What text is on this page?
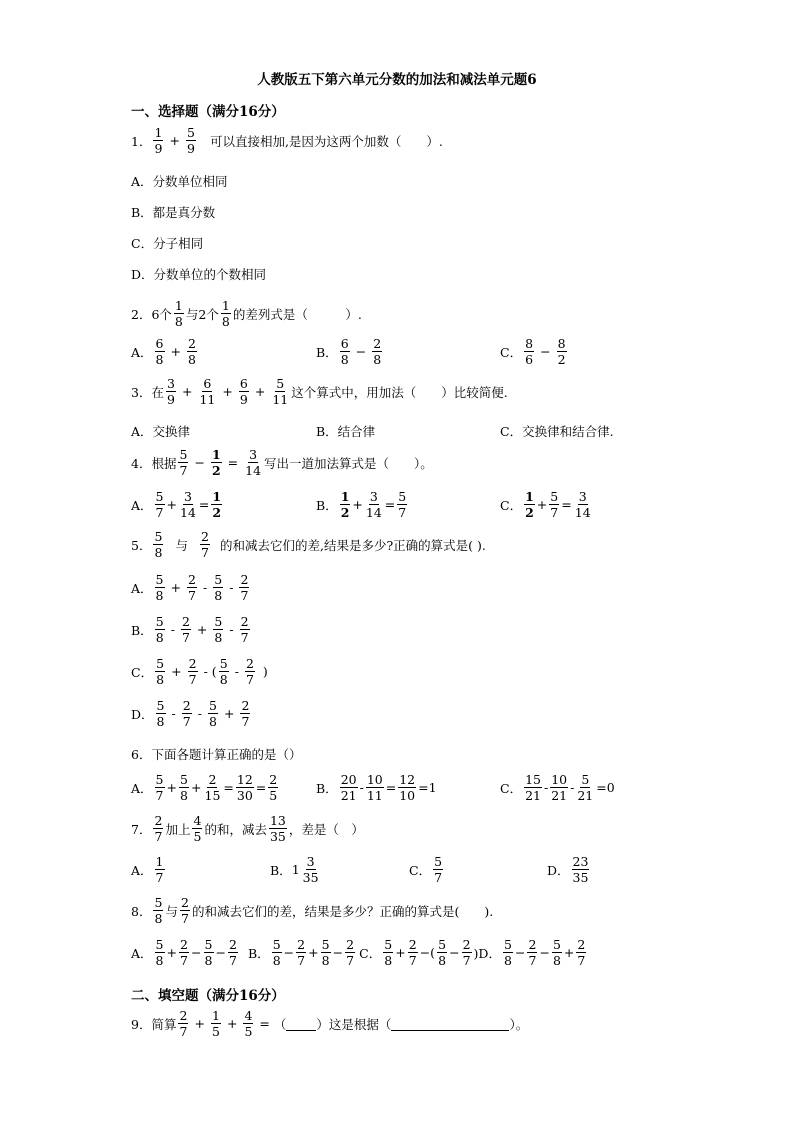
人教版五下第六单元分数的加法和减法单元题6
一、选择题（满分16分）
1．
1
9
+ $\frac{5}{9}$ 可以直接相加,是因为这两个加数（　　）.
A．分数单位相同
B．都是真分数
C．分子相同
D．分数单位的个数相同
2． 6个
1
8 与2个
1
8 的差列式是（　　　）.
A．
6
8
+ $\frac{2}{8}$	B．
6
8
− $\frac{2}{8}$	C．
8
6
− $\frac{8}{2}$
3．在
3
9
+ $\frac{6}{11} + \frac{6}{9} + \frac{5}{11}$ 这个算式中，用加法（　　）比较简便.
A．交换律	B．结合律	C．交换律和结合律.
4．根据
5
7
− $\frac{1}{2} = \frac{3}{14}$ 写出一道加法算式是（　　）。
A．
5
7
+ $\frac{3}{14} = \frac{1}{2}$	B．
1
2
+ $\frac{3}{14} = \frac{5}{7}$	C．
1
2
+ $\frac{5}{7} = \frac{3}{14}$
5．
5
8 与
2
7 的和减去它们的差,结果是多少?正确的算式是( ).
A．
5
8
+ $\frac{2}{7}$ -
5
8
-
2
7
B．
5
8
-
2
7
+ $\frac{5}{8}$ -
2
7
C．
5
8
+ $\frac{2}{7}$ - (
5
8
-
2
7
)
D．
5
8
-
2
7
-
5
8
+ $\frac{2}{7}$
6．下面各题计算正确的是（）
A．
5
7
+ $\frac{5}{8} + \frac{2}{15} = \frac{12}{30} = \frac{2}{5}$	B．
20
21
- $\frac{10}{11} = \frac{12}{10} = 1$	C．
15
21
-
10
21
- $\frac{5}{21} = 0$
7．
2
7 加上
4
5 的和，减去
13
35 ，差是（　）
A．
1
7	B． 1
3
35	C．
5
7	D．
23
35
8．
5
8 与
2
7 的和减去它们的差，结果是多少？正确的算式是(　　).
A．
5
8
+ $\frac{2}{7} - \frac{5}{8} - \frac{2}{7}$ B．
5
8
− $\frac{2}{7} + \frac{5}{8} - \frac{2}{7}$ C．
5
8
+ $\frac{2}{7}$ − (
5
8
− $\frac{2}{7} )D$．
5
8
− $\frac{2}{7} - \frac{5}{8} + \frac{2}{7}$
二、填空题（满分16分）
9．简算
2
7
+ $\frac{1}{5} + \frac{4}{5}$ = （ ）这是根据（	）。
